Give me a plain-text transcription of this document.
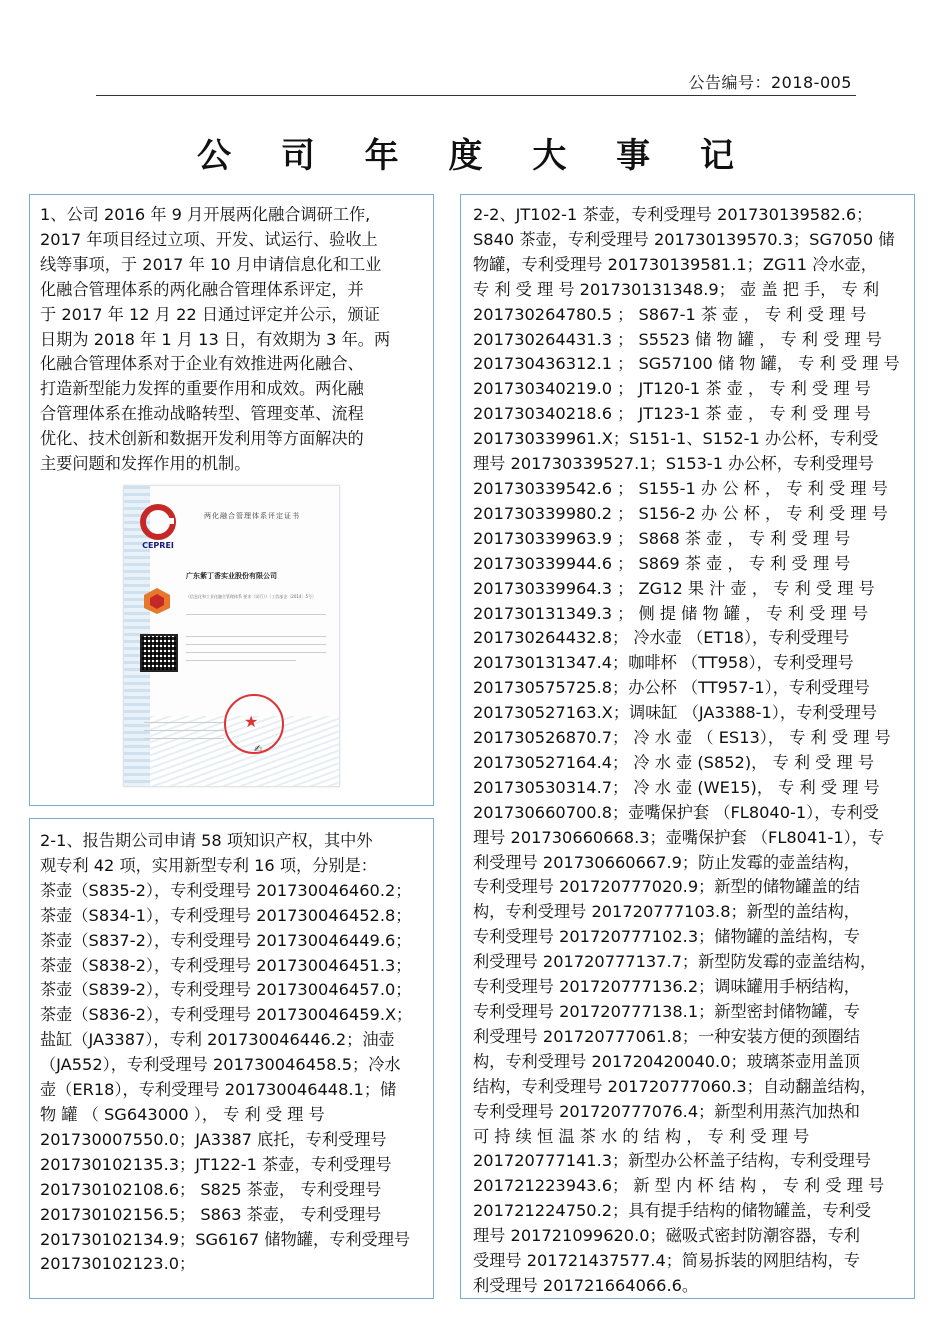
公告编号：2018-005
公 司 年 度 大 事 记
1、公司 2016 年 9 月开展两化融合调研工作,
2017 年项目经过立项、开发、试运行、验收上
线等事项，于 2017 年 10 月申请信息化和工业
化融合管理体系的两化融合管理体系评定，并
于 2017 年 12 月 22 日通过评定并公示，颁证
日期为 2018 年 1 月 13 日，有效期为 3 年。两
化融合管理体系对于企业有效推进两化融合、
打造新型能力发挥的重要作用和成效。两化融
合管理体系在推动战略转型、管理变革、流程
优化、技术创新和数据开发利用等方面解决的
主要问题和发挥作用的机制。
CEPREI
两化融合管理体系评定证书
广东紫丁香实业股份有限公司
《信息化和工业化融合管理体系 要求（试行）》（工信部企〔2014〕5号）
★
✍
2-1、报告期公司申请 58 项知识产权，其中外
观专利 42 项，实用新型专利 16 项，分别是：
茶壶（S835-2），专利受理号 201730046460.2；
茶壶（S834-1），专利受理号 201730046452.8；
茶壶（S837-2），专利受理号 201730046449.6；
茶壶（S838-2），专利受理号 201730046451.3；
茶壶（S839-2），专利受理号 201730046457.0；
茶壶（S836-2），专利受理号 201730046459.X；
盐缸（JA3387），专利 201730046446.2；油壶
（JA552），专利受理号 201730046458.5；冷水
壶（ER18），专利受理号 201730046448.1；储
物 罐 （ SG643000 ）， 专 利 受 理 号
201730007550.0；JA3387 底托，专利受理号
201730102135.3；JT122-1 茶壶，专利受理号
201730102108.6； S825 茶壶， 专利受理号
201730102156.5； S863 茶壶， 专利受理号
201730102134.9；SG6167 储物罐，专利受理号
201730102123.0；
2-2、JT102-1 茶壶，专利受理号 201730139582.6；
S840 茶壶，专利受理号 201730139570.3；SG7050 储
物罐，专利受理号 201730139581.1；ZG11 冷水壶，
专 利 受 理 号 201730131348.9； 壶 盖 把 手， 专 利
201730264780.5 ； S867-1 茶 壶 ， 专 利 受 理 号
201730264431.3 ； S5523 储 物 罐 ， 专 利 受 理 号
201730436312.1 ； SG57100 储 物 罐， 专 利 受 理 号
201730340219.0 ； JT120-1 茶 壶 ， 专 利 受 理 号
201730340218.6 ； JT123-1 茶 壶 ， 专 利 受 理 号
201730339961.X；S151-1、S152-1 办公杯，专利受
理号 201730339527.1；S153-1 办公杯，专利受理号
201730339542.6 ； S155-1 办 公 杯 ， 专 利 受 理 号
201730339980.2 ； S156-2 办 公 杯 ， 专 利 受 理 号
201730339963.9 ； S868 茶 壶 ， 专 利 受 理 号
201730339944.6 ； S869 茶 壶 ， 专 利 受 理 号
201730339964.3 ； ZG12 果 汁 壶 ， 专 利 受 理 号
201730131349.3 ； 侧 提 储 物 罐 ， 专 利 受 理 号
201730264432.8； 冷水壶 （ET18），专利受理号
201730131347.4；咖啡杯 （TT958），专利受理号
201730575725.8；办公杯 （TT957-1），专利受理号
201730527163.X；调味缸 （JA3388-1），专利受理号
201730526870.7； 冷 水 壶 （ ES13）， 专 利 受 理 号
201730527164.4； 冷 水 壶 (S852)， 专 利 受 理 号
201730530314.7； 冷 水 壶 (WE15)， 专 利 受 理 号
201730660700.8；壶嘴保护套 （FL8040-1），专利受
理号 201730660668.3；壶嘴保护套 （FL8041-1），专
利受理号 201730660667.9；防止发霉的壶盖结构，
专利受理号 201720777020.9；新型的储物罐盖的结
构，专利受理号 201720777103.8；新型的盖结构，
专利受理号 201720777102.3；储物罐的盖结构，专
利受理号 201720777137.7；新型防发霉的壶盖结构，
专利受理号 201720777136.2；调味罐用手柄结构，
专利受理号 201720777138.1；新型密封储物罐，专
利受理号 201720777061.8；一种安装方便的颈圈结
构，专利受理号 201720420040.0；玻璃茶壶用盖顶
结构，专利受理号 201720777060.3；自动翻盖结构，
专利受理号 201720777076.4；新型利用蒸汽加热和
可 持 续 恒 温 茶 水 的 结 构 ， 专 利 受 理 号
201720777141.3；新型办公杯盖子结构，专利受理号
201721223943.6； 新 型 内 杯 结 构 ， 专 利 受 理 号
201721224750.2；具有提手结构的储物罐盖，专利受
理号 201721099620.0；磁吸式密封防潮容器，专利
受理号 201721437577.4；简易拆装的网胆结构，专
利受理号 201721664066.6。
